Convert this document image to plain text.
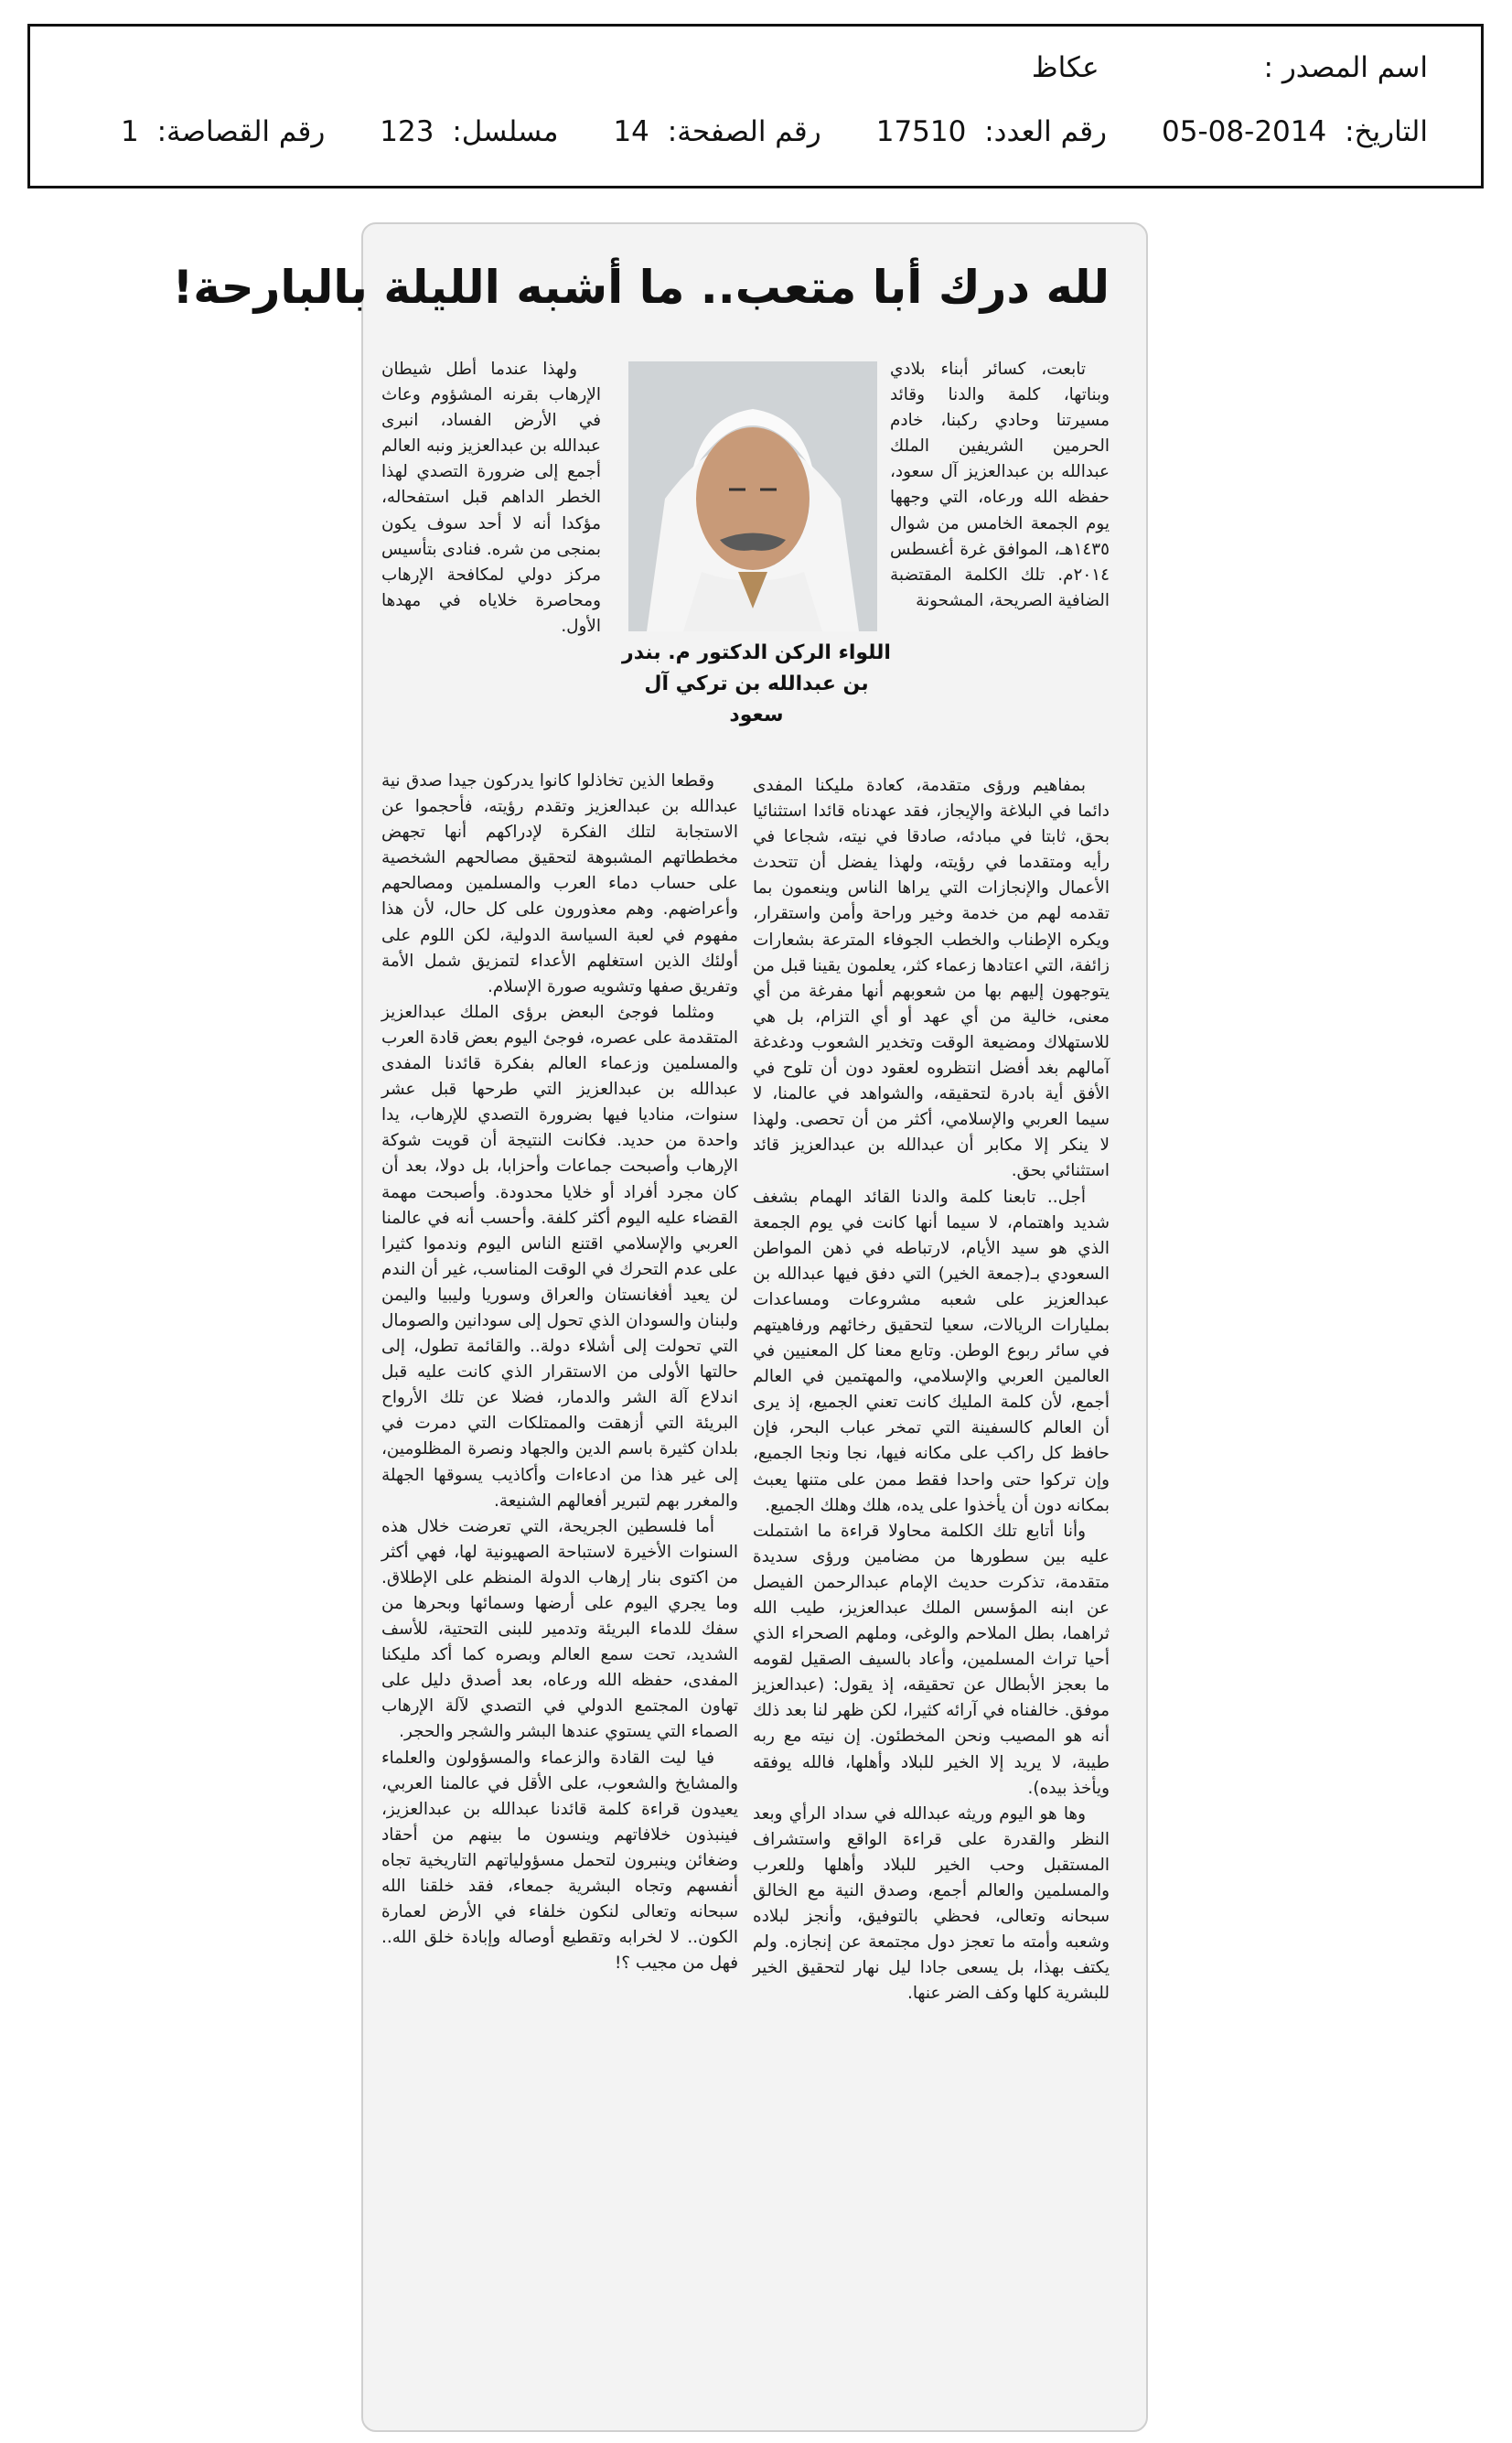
اسم المصدر : عكاظ
التاريخ: 2014-08-05
رقم العدد: 17510
رقم الصفحة: 14
مسلسل: 123
رقم القصاصة: 1
لله درك أبا متعب.. ما أشبه الليلة بالبارحة!

تابعت، كسائر أبناء بلادي وبناتها، كلمة والدنا وقائد مسيرتنا وحادي ركبنا، خادم الحرمين الشريفين الملك عبدالله بن عبدالعزيز آل سعود، حفظه الله ورعاه، التي وجهها يوم الجمعة الخامس من شوال ١٤٣٥هـ، الموافق غرة أغسطس ٢٠١٤م. تلك الكلمة المقتضبة الضافية الصريحة، المشحونة

اللواء الركن الدكتور م. بندر
بن عبدالله بن تركي آل سعود

ولهذا عندما أطل شيطان الإرهاب بقرنه المشؤوم وعاث في الأرض الفساد، انبرى عبدالله بن عبدالعزيز ونبه العالم أجمع إلى ضرورة التصدي لهذا الخطر الداهم قبل استفحاله، مؤكدا أنه لا أحد سوف يكون بمنجى من شره. فنادى بتأسيس مركز دولي لمكافحة الإرهاب ومحاصرة خلاياه في مهدها الأول.

بمفاهيم ورؤى متقدمة، كعادة مليكنا المفدى دائما في البلاغة والإيجاز، فقد عهدناه قائدا استثنائيا بحق، ثابتا في مبادئه، صادقا في نيته، شجاعا في رأيه ومتقدما في رؤيته، ولهذا يفضل أن تتحدث الأعمال والإنجازات التي يراها الناس وينعمون بما تقدمه لهم من خدمة وخير وراحة وأمن واستقرار، ويكره الإطناب والخطب الجوفاء المترعة بشعارات زائفة، التي اعتادها زعماء كثر، يعلمون يقينا قبل من يتوجهون إليهم بها من شعوبهم أنها مفرغة من أي معنى، خالية من أي عهد أو أي التزام، بل هي للاستهلاك ومضيعة الوقت وتخدير الشعوب ودغدغة آمالهم بغد أفضل انتظروه لعقود دون أن تلوح في الأفق أية بادرة لتحقيقه، والشواهد في عالمنا، لا سيما العربي والإسلامي، أكثر من أن تحصى. ولهذا لا ينكر إلا مكابر أن عبدالله بن عبدالعزيز قائد استثنائي بحق.

أجل.. تابعنا كلمة والدنا القائد الهمام بشغف شديد واهتمام، لا سيما أنها كانت في يوم الجمعة الذي هو سيد الأيام، لارتباطه في ذهن المواطن السعودي بـ(جمعة الخير) التي دفق فيها عبدالله بن عبدالعزيز على شعبه مشروعات ومساعدات بمليارات الريالات، سعيا لتحقيق رخائهم ورفاهيتهم في سائر ربوع الوطن. وتابع معنا كل المعنيين في العالمين العربي والإسلامي، والمهتمين في العالم أجمع، لأن كلمة المليك كانت تعني الجميع، إذ يرى أن العالم كالسفينة التي تمخر عباب البحر، فإن حافظ كل راكب على مكانه فيها، نجا ونجا الجميع، وإن تركوا حتى واحدا فقط ممن على متنها يعبث بمكانه دون أن يأخذوا على يده، هلك وهلك الجميع.

وأنا أتابع تلك الكلمة محاولا قراءة ما اشتملت عليه بين سطورها من مضامين ورؤى سديدة متقدمة، تذكرت حديث الإمام عبدالرحمن الفيصل عن ابنه المؤسس الملك عبدالعزيز، طيب الله ثراهما، بطل الملاحم والوغى، وملهم الصحراء الذي أحيا تراث المسلمين، وأعاد بالسيف الصقيل لقومه ما بعجز الأبطال عن تحقيقه، إذ يقول: (عبدالعزيز موفق. خالفناه في آرائه كثيرا، لكن ظهر لنا بعد ذلك أنه هو المصيب ونحن المخطئون. إن نيته مع ربه طيبة، لا يريد إلا الخير للبلاد وأهلها، فالله يوفقه ويأخذ بيده).

وها هو اليوم وريثه عبدالله في سداد الرأي وبعد النظر والقدرة على قراءة الواقع واستشراف المستقبل وحب الخير للبلاد وأهلها وللعرب والمسلمين والعالم أجمع، وصدق النية مع الخالق سبحانه وتعالى، فحظي بالتوفيق، وأنجز لبلاده وشعبه وأمته ما تعجز دول مجتمعة عن إنجازه. ولم يكتف بهذا، بل يسعى جادا ليل نهار لتحقيق الخير للبشرية كلها وكف الضر عنها.

وقطعا الذين تخاذلوا كانوا يدركون جيدا صدق نية عبدالله بن عبدالعزيز وتقدم رؤيته، فأحجموا عن الاستجابة لتلك الفكرة لإدراكهم أنها تجهض مخططاتهم المشبوهة لتحقيق مصالحهم الشخصية على حساب دماء العرب والمسلمين ومصالحهم وأعراضهم. وهم معذورون على كل حال، لأن هذا مفهوم في لعبة السياسة الدولية، لكن اللوم على أولئك الذين استغلهم الأعداء لتمزيق شمل الأمة وتفريق صفها وتشويه صورة الإسلام.

ومثلما فوجئ البعض برؤى الملك عبدالعزيز المتقدمة على عصره، فوجئ اليوم بعض قادة العرب والمسلمين وزعماء العالم بفكرة قائدنا المفدى عبدالله بن عبدالعزيز التي طرحها قبل عشر سنوات، مناديا فيها بضرورة التصدي للإرهاب، يدا واحدة من حديد. فكانت النتيجة أن قويت شوكة الإرهاب وأصبحت جماعات وأحزابا، بل دولا، بعد أن كان مجرد أفراد أو خلايا محدودة. وأصبحت مهمة القضاء عليه اليوم أكثر كلفة. وأحسب أنه في عالمنا العربي والإسلامي اقتنع الناس اليوم وندموا كثيرا على عدم التحرك في الوقت المناسب، غير أن الندم لن يعيد أفغانستان والعراق وسوريا وليبيا واليمن ولبنان والسودان الذي تحول إلى سودانين والصومال التي تحولت إلى أشلاء دولة.. والقائمة تطول، إلى حالتها الأولى من الاستقرار الذي كانت عليه قبل اندلاع آلة الشر والدمار، فضلا عن تلك الأرواح البريئة التي أزهقت والممتلكات التي دمرت في بلدان كثيرة باسم الدين والجهاد ونصرة المظلومين، إلى غير هذا من ادعاءات وأكاذيب يسوقها الجهلة والمغرر بهم لتبرير أفعالهم الشنيعة.

أما فلسطين الجريحة، التي تعرضت خلال هذه السنوات الأخيرة لاستباحة الصهيونية لها، فهي أكثر من اكتوى بنار إرهاب الدولة المنظم على الإطلاق. وما يجري اليوم على أرضها وسمائها وبحرها من سفك للدماء البريئة وتدمير للبنى التحتية، للأسف الشديد، تحت سمع العالم وبصره كما أكد مليكنا المفدى، حفظه الله ورعاه، بعد أصدق دليل على تهاون المجتمع الدولي في التصدي لآلة الإرهاب الصماء التي يستوي عندها البشر والشجر والحجر.

فيا ليت القادة والزعماء والمسؤولون والعلماء والمشايخ والشعوب، على الأقل في عالمنا العربي، يعيدون قراءة كلمة قائدنا عبدالله بن عبدالعزيز، فينبذون خلافاتهم وينسون ما بينهم من أحقاد وضغائن وينبرون لتحمل مسؤولياتهم التاريخية تجاه أنفسهم وتجاه البشرية جمعاء، فقد خلقنا الله سبحانه وتعالى لنكون خلفاء في الأرض لعمارة الكون.. لا لخرابه وتقطيع أوصاله وإبادة خلق الله.. فهل من مجيب ؟!
